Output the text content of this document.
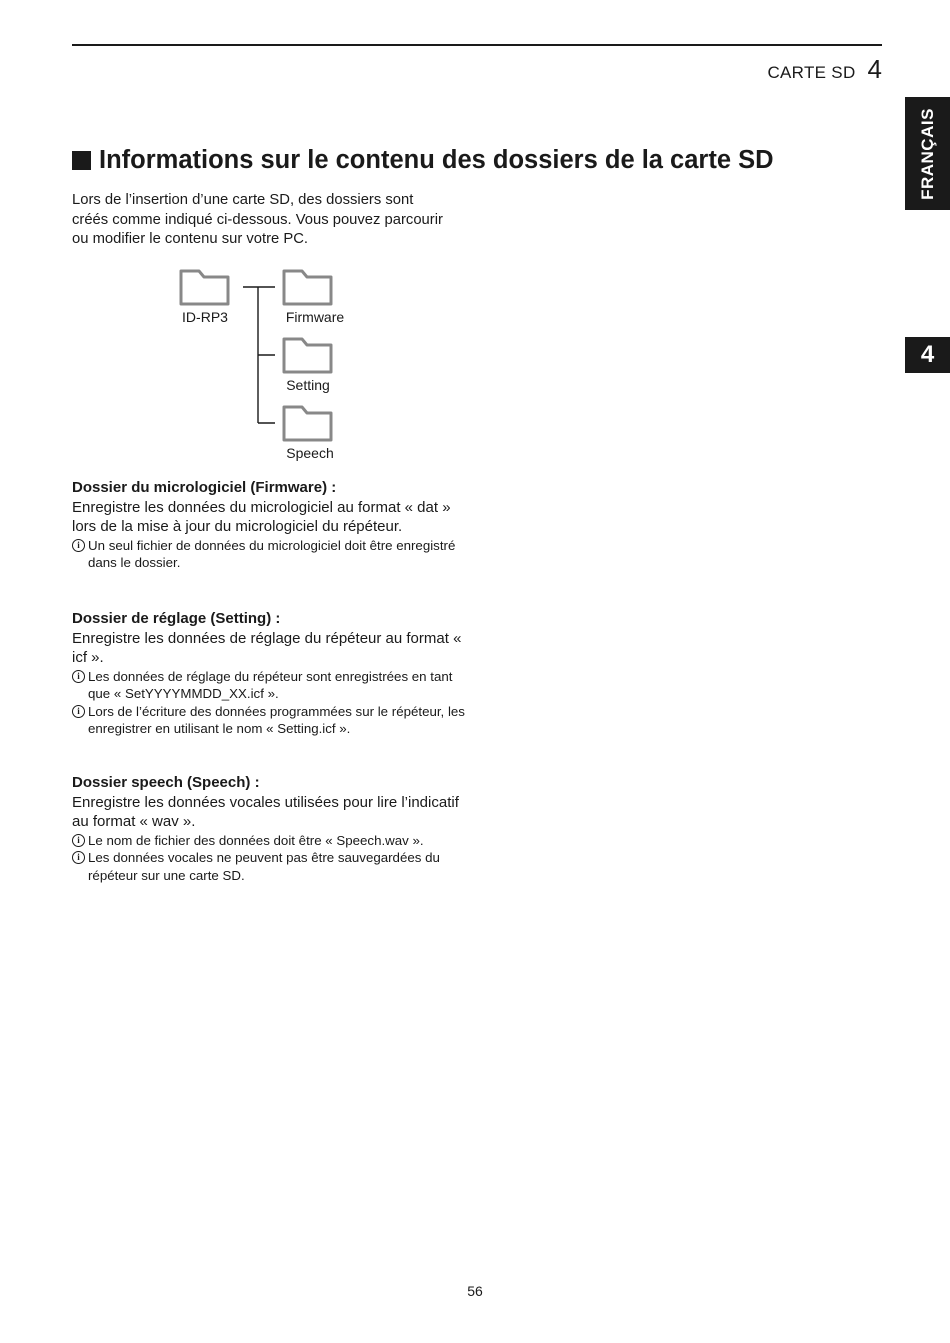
CARTE SD 4
FRANÇAIS
4
Informations sur le contenu des dossiers de la carte SD

Lors de l’insertion d’une carte SD, des dossiers sont créés comme indiqué ci-dessous. Vous pouvez parcourir ou modifier le contenu sur votre PC.

ID-RP3	Firmware
Setting
Speech
Dossier du micrologiciel (Firmware) :

Enregistre les données du micrologiciel au format « dat » lors de la mise à jour du micrologiciel du répéteur.

i Un seul fichier de données du micrologiciel doit être enregistré dans le dossier.

Dossier de réglage (Setting) :

Enregistre les données de réglage du répéteur au format « icf ».

i Les données de réglage du répéteur sont enregistrées en tant que « SetYYYYMMDD_XX.icf ».

i Lors de l’écriture des données programmées sur le répéteur, les enregistrer en utilisant le nom « Setting.icf ».

Dossier speech (Speech) :

Enregistre les données vocales utilisées pour lire l’indicatif au format « wav ».

i Le nom de fichier des données doit être « Speech.wav ».

i Les données vocales ne peuvent pas être sauvegardées du répéteur sur une carte SD.

56
